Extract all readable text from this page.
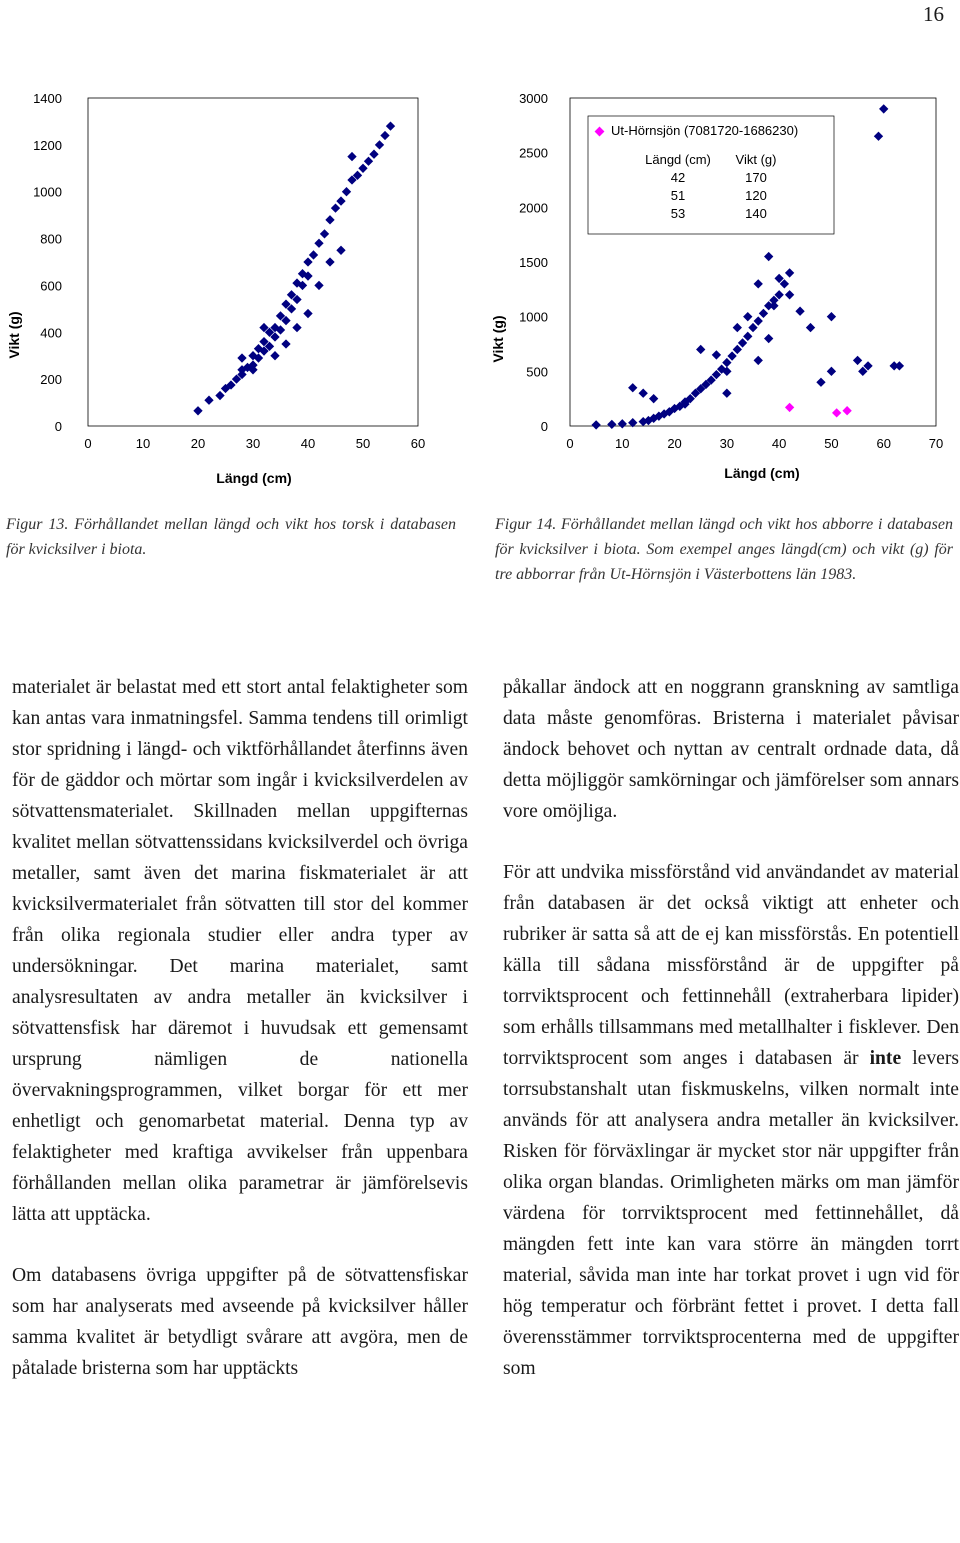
16
Vikt (g)
Längd (cm)
0
200
400
600
800
1000
1200
1400
0	10	20	30	40	50	60
Vikt (g)
Längd (cm)
0
500
1000
1500
2000
2500
3000
0	10	20	30	40	50	60	70
Ut-Hörnsjön (7081720-1686230)
Längd (cm) Vikt (g)
42	170
51	120
53	140
Figur 13. Förhållandet mellan längd och vikt hos torsk i databasen för kvicksilver i biota.
Figur 14. Förhållandet mellan längd och vikt hos abborre i databasen för kvicksilver i biota. Som exempel anges längd(cm) och vikt (g) för tre abborrar från Ut-Hörnsjön i Västerbottens län 1983.

materialet är belastat med ett stort antal felaktigheter som kan antas vara inmatningsfel. Samma tendens till orimligt stor spridning i längd- och viktförhållandet återfinns även för de gäddor och mörtar som ingår i kvicksilverdelen av sötvattensmaterialet. Skillnaden mellan uppgifternas kvalitet mellan sötvattenssidans kvicksilverdel och övriga metaller, samt även det marina fiskmaterialet är att kvicksilvermaterialet från sötvatten till stor del kommer från olika regionala studier eller andra typer av undersökningar. Det marina materialet, samt analysresultaten av andra metaller än kvicksilver i sötvattensfisk har däremot i huvudsak ett gemensamt ursprung nämligen de nationella övervakningsprogrammen, vilket borgar för ett mer enhetligt och genomarbetat material. Denna typ av felaktigheter med kraftiga avvikelser från uppenbara förhållanden mellan olika parametrar är jämförelsevis lätta att upptäcka.

Om databasens övriga uppgifter på de sötvattensfiskar som har analyserats med avseende på kvicksilver håller samma kvalitet är betydligt svårare att avgöra, men de påtalade bristerna som har upptäckts

påkallar ändock att en noggrann granskning av samtliga data måste genomföras. Bristerna i materialet påvisar ändock behovet och nyttan av centralt ordnade data, då detta möjliggör samkörningar och jämförelser som annars vore omöjliga.

För att undvika missförstånd vid användandet av material från databasen är det också viktigt att enheter och rubriker är satta så att de ej kan missförstås. En potentiell källa till sådana missförstånd är de uppgifter på torrviktsprocent och fettinnehåll (extraherbara lipider) som erhålls tillsammans med metallhalter i fisklever. Den torrviktsprocent som anges i databasen är inte levers torrsubstanshalt utan fiskmuskelns, vilken normalt inte används för att analysera andra metaller än kvicksilver. Risken för förväxlingar är mycket stor när uppgifter från olika organ blandas. Orimligheten märks om man jämför värdena för torrviktsprocent med fettinnehållet, då mängden fett inte kan vara större än mängden torrt material, såvida man inte har torkat provet i ugn vid för hög temperatur och förbränt fettet i provet. I detta fall överensstämmer torrviktsprocenterna med de uppgifter som
